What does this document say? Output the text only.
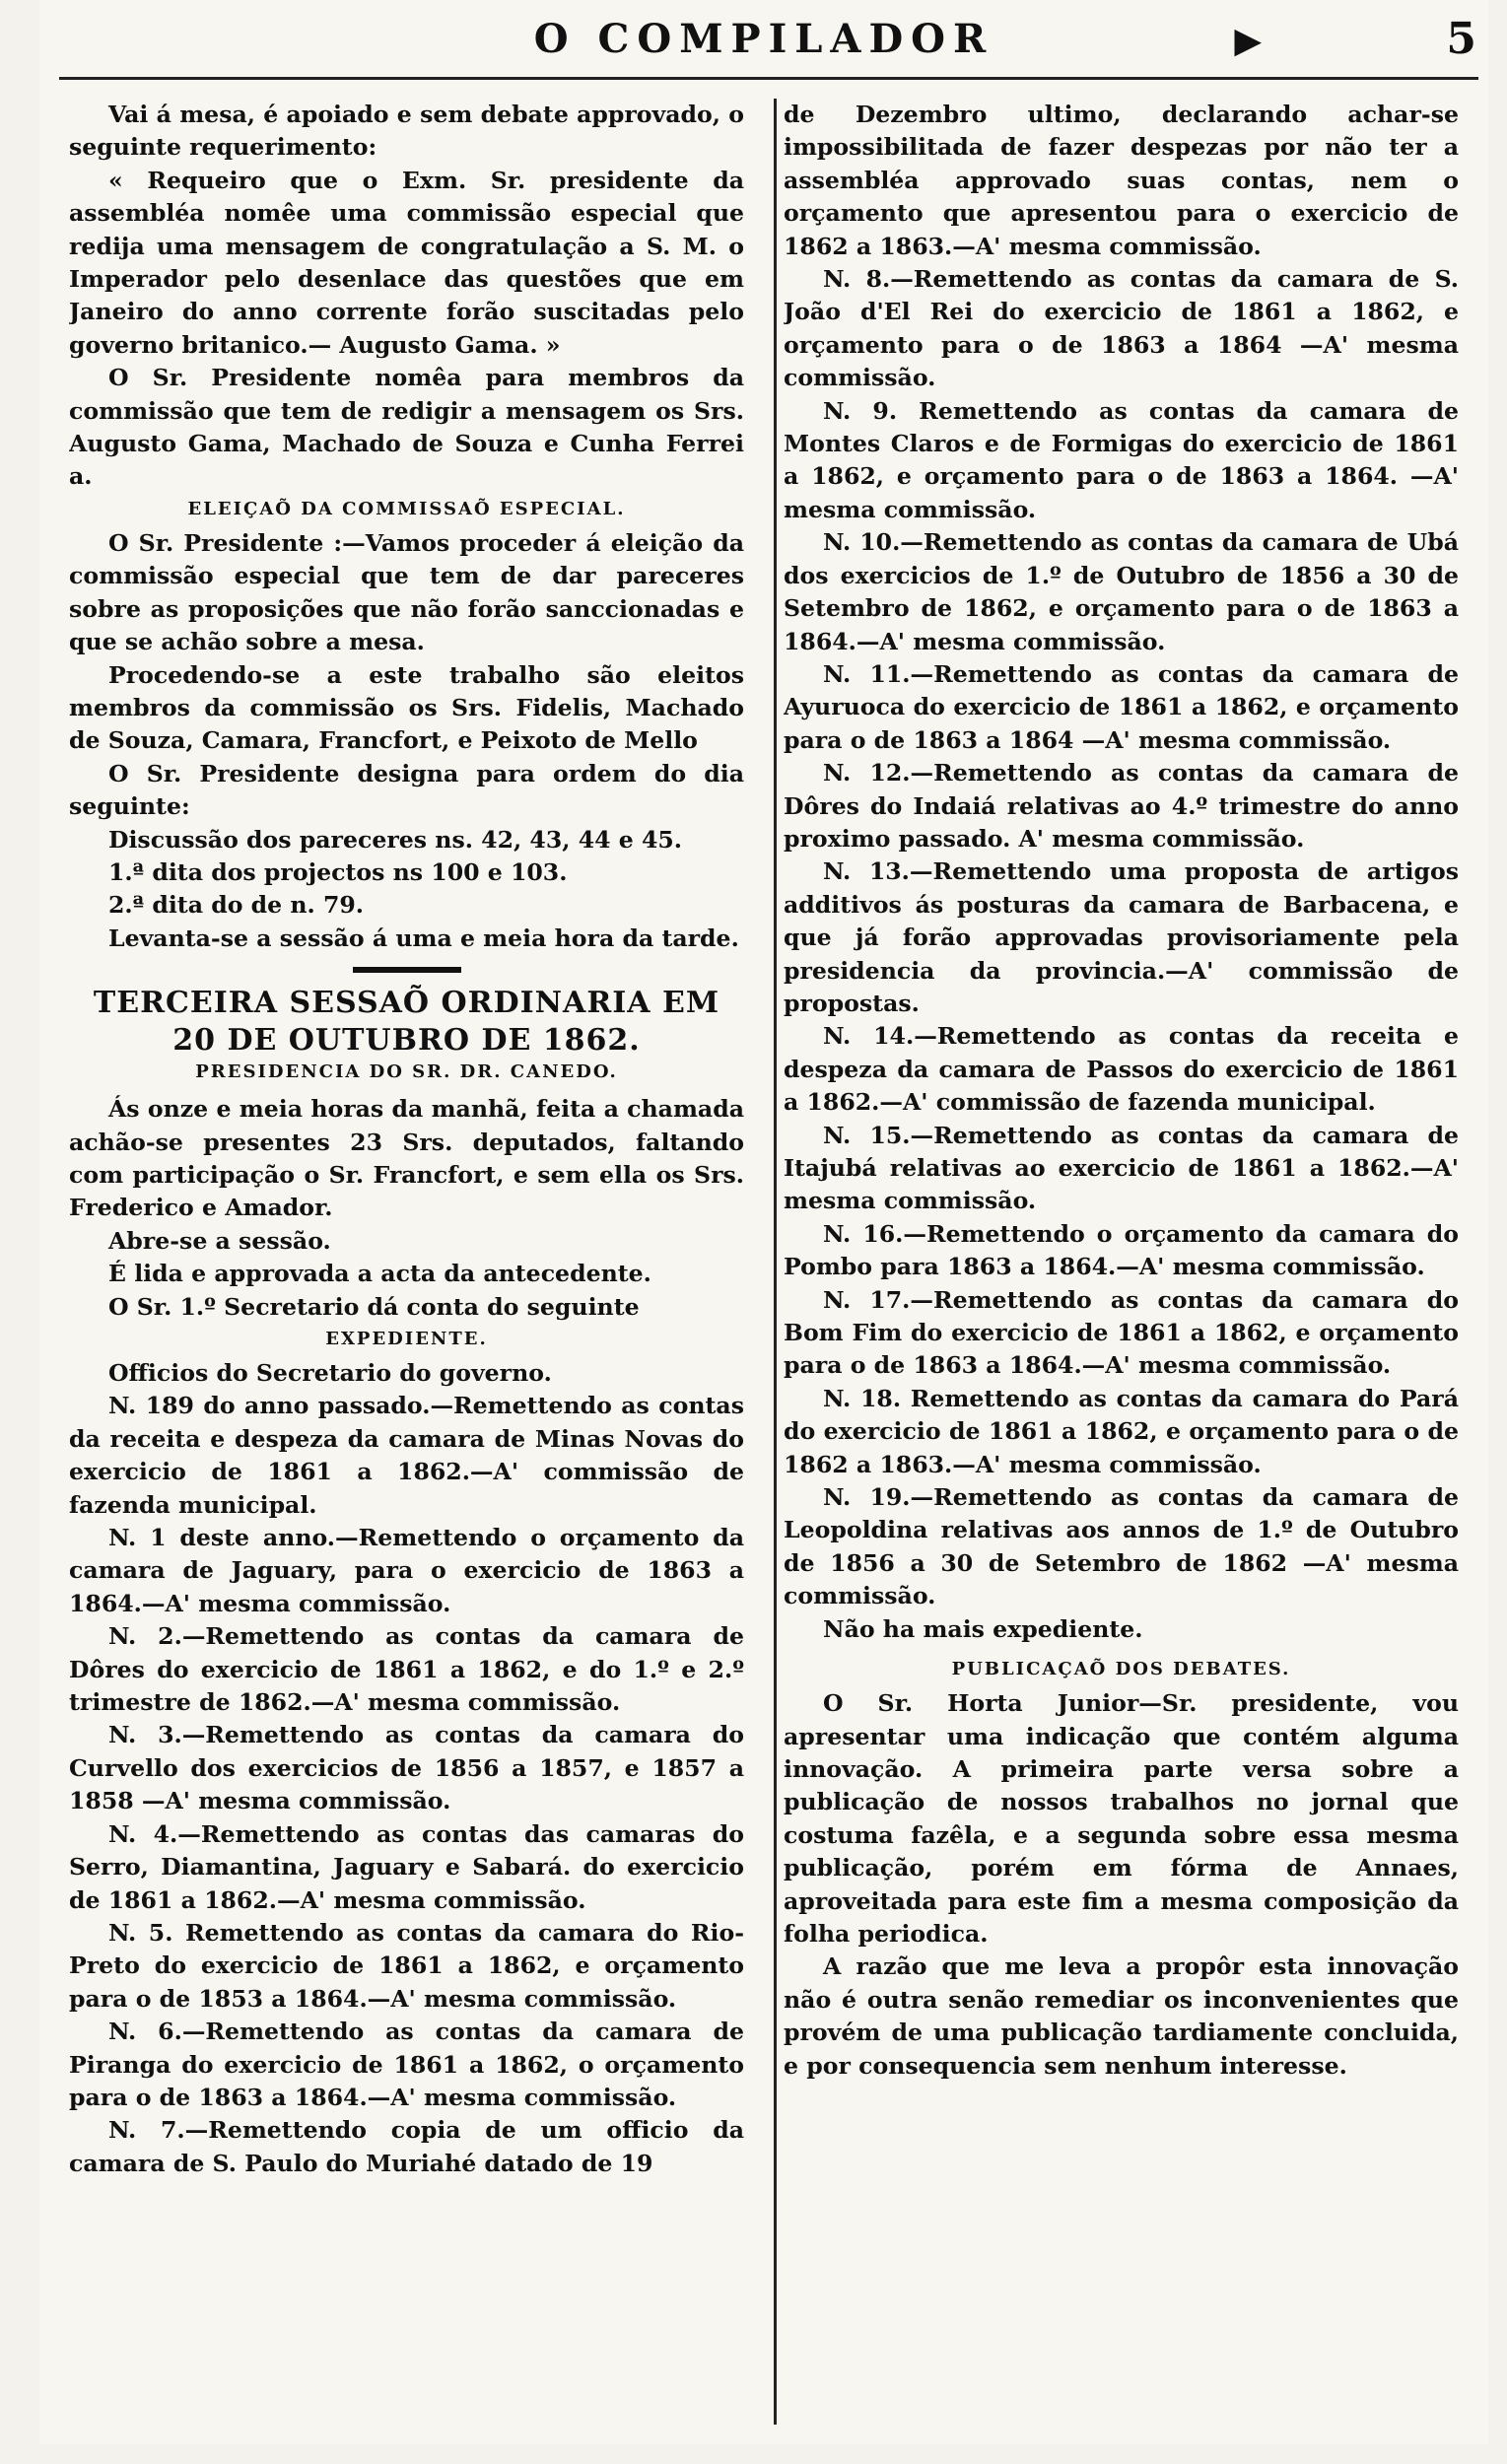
O COMPILADOR	▶	5

Vai á mesa, é apoiado e sem debate approvado, o seguinte requerimento:

« Requeiro que o Exm. Sr. presidente da assembléa nomêe uma commissão especial que redija uma mensagem de congratulação a S. M. o Imperador pelo desenlace das questões que em Janeiro do anno corrente forão suscitadas pelo governo britanico.— Augusto Gama. »

O Sr. Presidente nomêa para membros da commissão que tem de redigir a mensagem os Srs. Augusto Gama, Machado de Souza e Cunha Ferrei a.

ELEIÇAÕ DA COMMISSAÕ ESPECIAL.

O Sr. Presidente :—Vamos proceder á eleição da commissão especial que tem de dar pareceres sobre as proposições que não forão sanccionadas e que se achão sobre a mesa.

Procedendo-se a este trabalho são eleitos membros da commissão os Srs. Fidelis, Machado de Souza, Camara, Francfort, e Peixoto de Mello

O Sr. Presidente designa para ordem do dia seguinte:

Discussão dos pareceres ns. 42, 43, 44 e 45.

1.ª dita dos projectos ns 100 e 103.

2.ª dita do de n. 79.

Levanta-se a sessão á uma e meia hora da tarde.

TERCEIRA SESSAÕ ORDINARIA EM
20 DE OUTUBRO DE 1862.
PRESIDENCIA DO SR. DR. CANEDO.

Ás onze e meia horas da manhã, feita a chamada achão-se presentes 23 Srs. deputados, faltando com participação o Sr. Francfort, e sem ella os Srs. Frederico e Amador.

Abre-se a sessão.

É lida e approvada a acta da antecedente.

O Sr. 1.º Secretario dá conta do seguinte

EXPEDIENTE.

Officios do Secretario do governo.

N. 189 do anno passado.—Remettendo as contas da receita e despeza da camara de Minas Novas do exercicio de 1861 a 1862.—A' commissão de fazenda municipal.

N. 1 deste anno.—Remettendo o orçamento da camara de Jaguary, para o exercicio de 1863 a 1864.—A' mesma commissão.

N. 2.—Remettendo as contas da camara de Dôres do exercicio de 1861 a 1862, e do 1.º e 2.º trimestre de 1862.—A' mesma commissão.

N. 3.—Remettendo as contas da camara do Curvello dos exercicios de 1856 a 1857, e 1857 a 1858 —A' mesma commissão.

N. 4.—Remettendo as contas das camaras do Serro, Diamantina, Jaguary e Sabará. do exercicio de 1861 a 1862.—A' mesma commissão.

N. 5. Remettendo as contas da camara do Rio-Preto do exercicio de 1861 a 1862, e orçamento para o de 1853 a 1864.—A' mesma commissão.

N. 6.—Remettendo as contas da camara de Piranga do exercicio de 1861 a 1862, o orçamento para o de 1863 a 1864.—A' mesma commissão.

N. 7.—Remettendo copia de um officio da camara de S. Paulo do Muriahé datado de 19

de Dezembro ultimo, declarando achar-se impossibilitada de fazer despezas por não ter a assembléa approvado suas contas, nem o orçamento que apresentou para o exercicio de 1862 a 1863.—A' mesma commissão.

N. 8.—Remettendo as contas da camara de S. João d'El Rei do exercicio de 1861 a 1862, e orçamento para o de 1863 a 1864 —A' mesma commissão.

N. 9. Remettendo as contas da camara de Montes Claros e de Formigas do exercicio de 1861 a 1862, e orçamento para o de 1863 a 1864. —A' mesma commissão.

N. 10.—Remettendo as contas da camara de Ubá dos exercicios de 1.º de Outubro de 1856 a 30 de Setembro de 1862, e orçamento para o de 1863 a 1864.—A' mesma commissão.

N. 11.—Remettendo as contas da camara de Ayuruoca do exercicio de 1861 a 1862, e orçamento para o de 1863 a 1864 —A' mesma commissão.

N. 12.—Remettendo as contas da camara de Dôres do Indaiá relativas ao 4.º trimestre do anno proximo passado. A' mesma commissão.

N. 13.—Remettendo uma proposta de artigos additivos ás posturas da camara de Barbacena, e que já forão approvadas provisoriamente pela presidencia da provincia.—A' commissão de propostas.

N. 14.—Remettendo as contas da receita e despeza da camara de Passos do exercicio de 1861 a 1862.—A' commissão de fazenda municipal.

N. 15.—Remettendo as contas da camara de Itajubá relativas ao exercicio de 1861 a 1862.—A' mesma commissão.

N. 16.—Remettendo o orçamento da camara do Pombo para 1863 a 1864.—A' mesma commissão.

N. 17.—Remettendo as contas da camara do Bom Fim do exercicio de 1861 a 1862, e orçamento para o de 1863 a 1864.—A' mesma commissão.

N. 18. Remettendo as contas da camara do Pará do exercicio de 1861 a 1862, e orçamento para o de 1862 a 1863.—A' mesma commissão.

N. 19.—Remettendo as contas da camara de Leopoldina relativas aos annos de 1.º de Outubro de 1856 a 30 de Setembro de 1862 —A' mesma commissão.

Não ha mais expediente.

PUBLICAÇAÕ DOS DEBATES.

O Sr. Horta Junior—Sr. presidente, vou apresentar uma indicação que contém alguma innovação. A primeira parte versa sobre a publicação de nossos trabalhos no jornal que costuma fazêla, e a segunda sobre essa mesma publicação, porém em fórma de Annaes, aproveitada para este fim a mesma composição da folha periodica.

A razão que me leva a propôr esta innovação não é outra senão remediar os inconvenientes que provém de uma publicação tardiamente concluida, e por consequencia sem nenhum interesse.
